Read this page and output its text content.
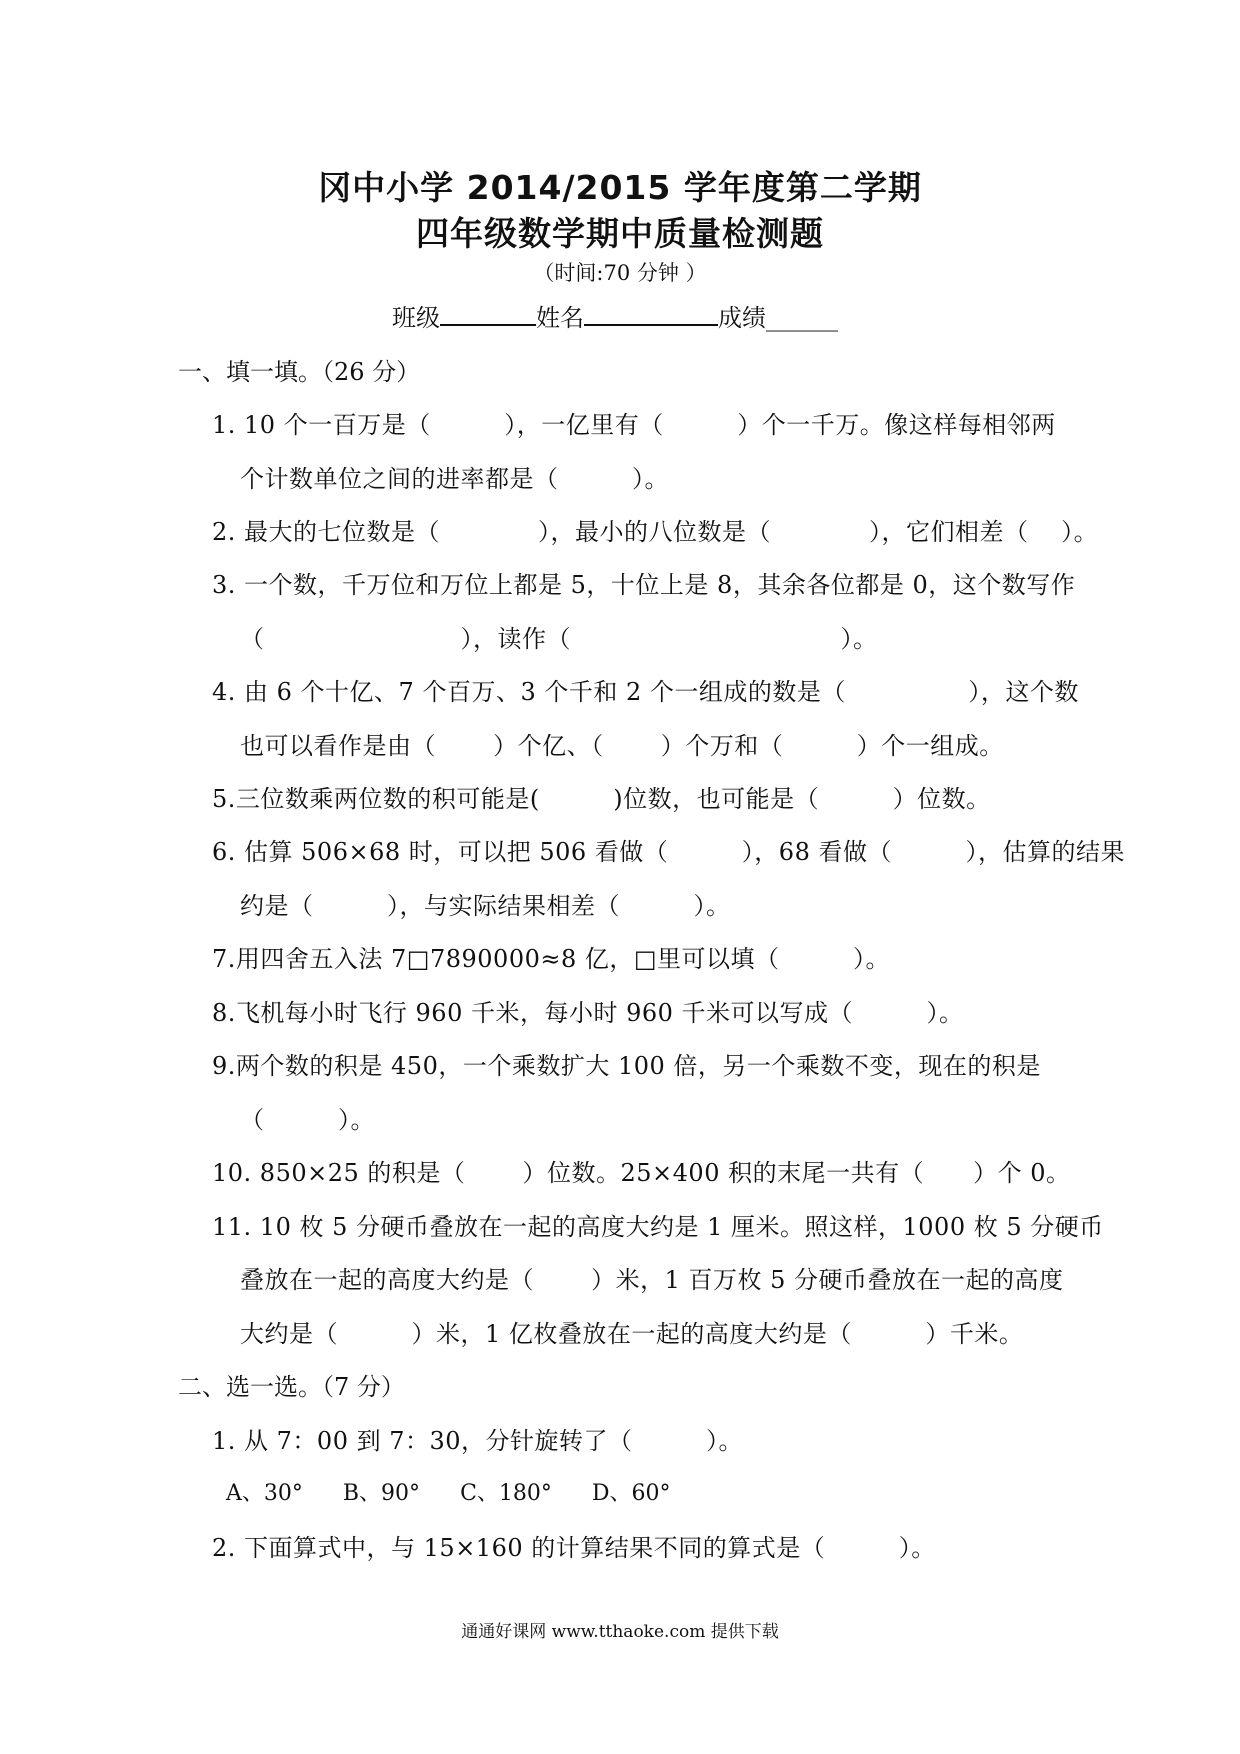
冈中小学 2014/2015 学年度第二学期
四年级数学期中质量检测题
（时间:70 分钟 ）
班级	姓名	成绩______
一、填一填。（26 分）
1. 10 个一百万是（　　　），一亿里有（　　　）个一千万。像这样每相邻两
个计数单位之间的进率都是（　　　）。
2. 最大的七位数是（　　　　），最小的八位数是（　　　　），它们相差（　 ）。
3. 一个数，千万位和万位上都是 5，十位上是 8，其余各位都是 0，这个数写作
（　　　　　　　　），读作（　　　　　　　　　　　）。
4. 由 6 个十亿、7 个百万、3 个千和 2 个一组成的数是（　　　　　），这个数
也可以看作是由（　　 ）个亿、（　　 ）个万和（　　　）个一组成。
5.三位数乘两位数的积可能是(　　　)位数，也可能是（　　　）位数。
6. 估算 506×68 时，可以把 506 看做（　　　），68 看做（　　　），估算的结果
约是（　　　），与实际结果相差（　　　）。
7.用四舍五入法 7□7890000≈8 亿，□里可以填（　　　）。
8.飞机每小时飞行 960 千米，每小时 960 千米可以写成（　　　）。
9.两个数的积是 450，一个乘数扩大 100 倍，另一个乘数不变，现在的积是
（　　　）。
10. 850×25 的积是（　　 ）位数。25×400 积的末尾一共有（　　）个 0。
11. 10 枚 5 分硬币叠放在一起的高度大约是 1 厘米。照这样，1000 枚 5 分硬币
叠放在一起的高度大约是（　　 ）米，1 百万枚 5 分硬币叠放在一起的高度
大约是（　　　）米，1 亿枚叠放在一起的高度大约是（　　　）千米。
二、选一选。（7 分）
1. 从 7：00 到 7：30，分针旋转了（　　　）。
A、30° B、90° C、180° D、60°
2. 下面算式中，与 15×160 的计算结果不同的算式是（　　　）。
通通好课网 www.tthaoke.com 提供下载
